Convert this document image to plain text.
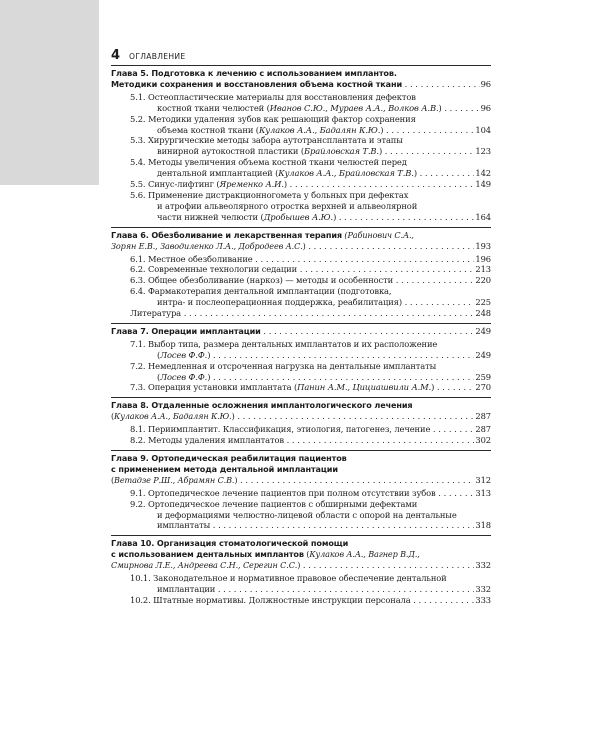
4 ОГЛАВЛЕНИЕ
Глава 5. Подготовка к лечению с использованием имплантов.
Методики сохранения и восстановления объема костной ткани . . .	96
5.1. Остеопластические материалы для восстановления дефектов
костной ткани челюстей (Иванов С.Ю., Мураев А.А., Волков А.В.) . . .	96
5.2. Методики удаления зубов как решающий фактор сохранения
объема костной ткани (Кулаков А.А., Бадалян К.Ю.) . . .	104
5.3. Хирургические методы забора аутотрансплантата и этапы
винирной аутокостной пластики (Брайловская Т.В.) . . .	123
5.4. Методы увеличения объема костной ткани челюстей перед
дентальной имплантацией (Кулаков А.А., Брайловская Т.В.) . . .	142
5.5. Синус-лифтинг (Яременко А.И.) . . .	149
5.6. Применение дистракционногомета у больных при дефектах
и атрофии альвеолярного отростка верхней и альвеолярной
части нижней челюсти (Дробышев А.Ю.) . . .	164
Глава 6. Обезболивание и лекарственная терапия (Рабинович С.А.,
Зорян Е.В., Заводиленко Л.А., Добродеев А.С.) . . .	193
6.1. Местное обезболивание . . .	196
6.2. Современные технологии седации . . .	213
6.3. Общее обезболивание (наркоз) — методы и особенности . . .	220
6.4. Фармакотерапия дентальной имплантации (подготовка,
интра- и послеоперационная поддержка, реабилитация) . . .	225
Литература . . .	248
Глава 7. Операции имплантации . . .	249
7.1. Выбор типа, размера дентальных имплантатов и их расположение
(Лосев Ф.Ф.) . . .	249
7.2. Немедленная и отсроченная нагрузка на дентальные имплантаты
(Лосев Ф.Ф.) . . .	259
7.3. Операция установки имплантата (Панин А.М., Цициашвили А.М.) . . .	270
Глава 8. Отдаленные осложнения имплантологического лечения
(Кулаков А.А., Бадалян К.Ю.) . . .	287
8.1. Периимплантит. Классификация, этиология, патогенез, лечение . . .	287
8.2. Методы удаления имплантатов . . .	302
Глава 9. Ортопедическая реабилитация пациентов
с применением метода дентальной имплантации
(Ветадзе Р.Ш., Абрамян С.В.) . . .	312
9.1. Ортопедическое лечение пациентов при полном отсутствии зубов . . .	313
9.2. Ортопедическое лечение пациентов с обширными дефектами
и деформациями челюстно-лицевой области с опорой на дентальные
имплантаты . . .	318
Глава 10. Организация стоматологической помощи
с использованием дентальных имплантов (Кулаков А.А., Вагнер В.Д.,
Смирнова Л.Е., Андреева С.Н., Серегин С.С.) . . .	332
10.1. Законодательное и нормативное правовое обеспечение дентальной
имплантации . . .	332
10.2. Штатные нормативы. Должностные инструкции персонала . . .	333
